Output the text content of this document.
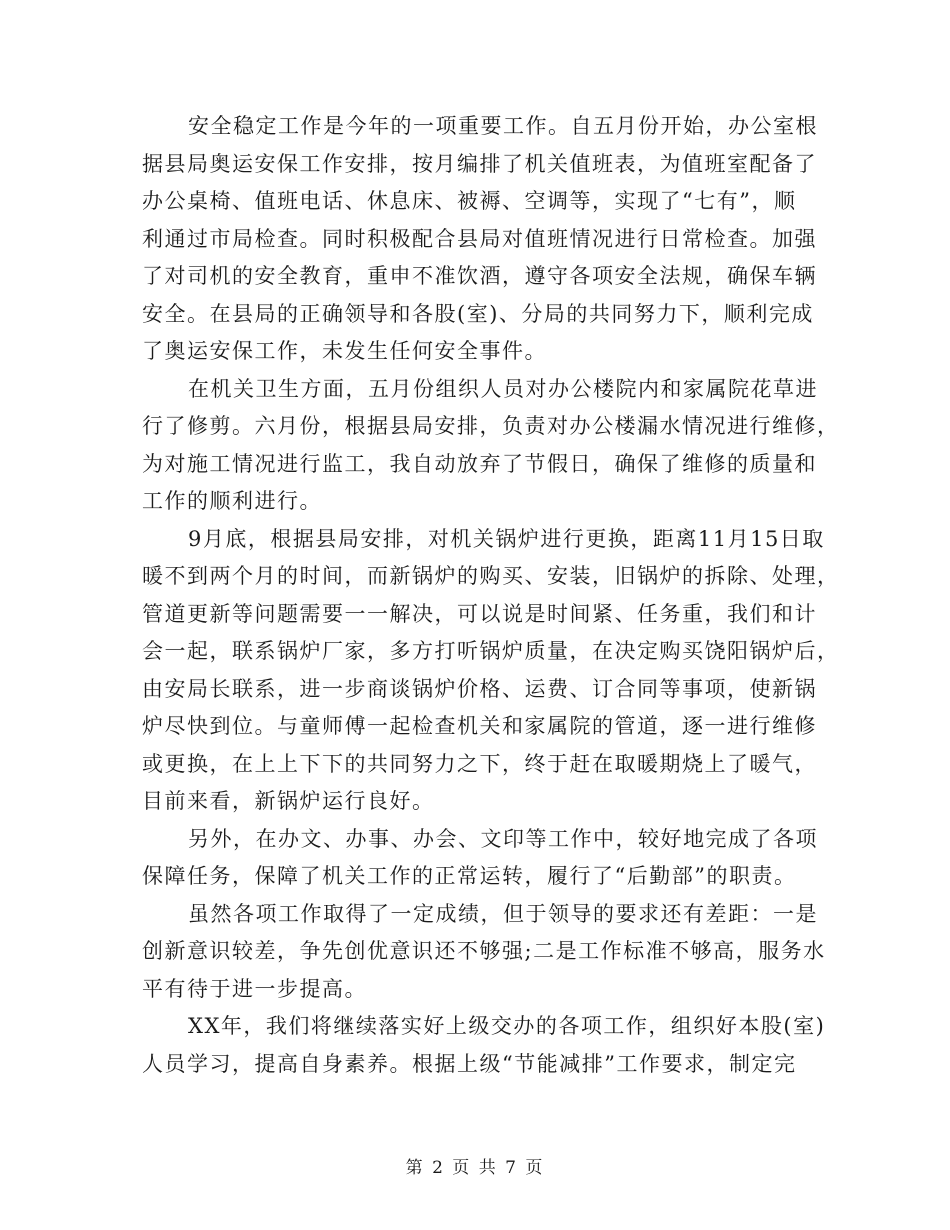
安全稳定工作是今年的一项重要工作。自五月份开始，办公室根
据县局奥运安保工作安排，按月编排了机关值班表，为值班室配备了
办公桌椅、值班电话、休息床、被褥、空调等，实现了“七有”，顺
利通过市局检查。同时积极配合县局对值班情况进行日常检查。加强
了对司机的安全教育，重申不准饮酒，遵守各项安全法规，确保车辆
安全。在县局的正确领导和各股(室)、分局的共同努力下，顺利完成
了奥运安保工作，未发生任何安全事件。

在机关卫生方面，五月份组织人员对办公楼院内和家属院花草进
行了修剪。六月份，根据县局安排，负责对办公楼漏水情况进行维修，
为对施工情况进行监工，我自动放弃了节假日，确保了维修的质量和
工作的顺利进行。

9月底，根据县局安排，对机关锅炉进行更换，距离11月15日取
暖不到两个月的时间，而新锅炉的购买、安装，旧锅炉的拆除、处理，
管道更新等问题需要一一解决，可以说是时间紧、任务重，我们和计
会一起，联系锅炉厂家，多方打听锅炉质量，在决定购买饶阳锅炉后，
由安局长联系，进一步商谈锅炉价格、运费、订合同等事项，使新锅
炉尽快到位。与童师傅一起检查机关和家属院的管道，逐一进行维修
或更换，在上上下下的共同努力之下，终于赶在取暖期烧上了暖气，
目前来看，新锅炉运行良好。

另外，在办文、办事、办会、文印等工作中，较好地完成了各项
保障任务，保障了机关工作的正常运转，履行了“后勤部”的职责。

虽然各项工作取得了一定成绩，但于领导的要求还有差距：一是
创新意识较差，争先创优意识还不够强;二是工作标准不够高，服务水
平有待于进一步提高。

XX年，我们将继续落实好上级交办的各项工作，组织好本股(室)
人员学习，提高自身素养。根据上级“节能减排”工作要求，制定完

第 2 页 共 7 页
